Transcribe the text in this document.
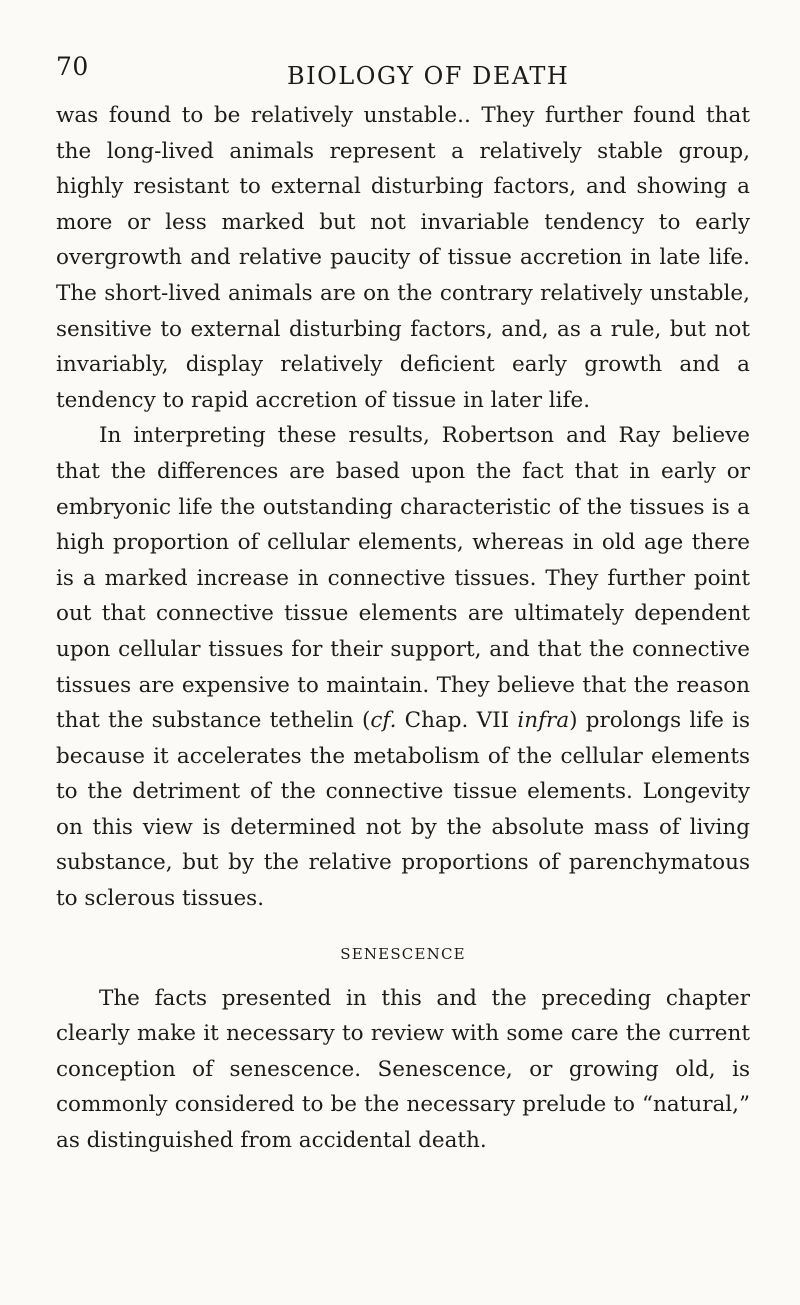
70	BIOLOGY OF DEATH

was found to be relatively unstable.. They further found that the long-lived animals represent a relatively stable group, highly resistant to external disturbing factors, and showing a more or less marked but not invariable tendency to early overgrowth and relative paucity of tissue accretion in late life. The short-lived animals are on the contrary relatively unstable, sensitive to external disturbing factors, and, as a rule, but not invariably, display relatively deficient early growth and a tendency to rapid accretion of tissue in later life.

In interpreting these results, Robertson and Ray believe that the differences are based upon the fact that in early or embryonic life the outstanding characteristic of the tissues is a high proportion of cellular elements, whereas in old age there is a marked increase in connective tissues. They further point out that connective tissue elements are ultimately dependent upon cellular tissues for their support, and that the connective tissues are expensive to maintain. They believe that the reason that the substance tethelin (cf. Chap. VII infra) prolongs life is because it accelerates the metabolism of the cellular elements to the detriment of the connective tissue elements. Longevity on this view is determined not by the absolute mass of living substance, but by the relative proportions of parenchymatous to sclerous tissues.

SENESCENCE

The facts presented in this and the preceding chapter clearly make it necessary to review with some care the current conception of senescence. Senescence, or growing old, is commonly considered to be the necessary prelude to “natural,” as distinguished from accidental death.
